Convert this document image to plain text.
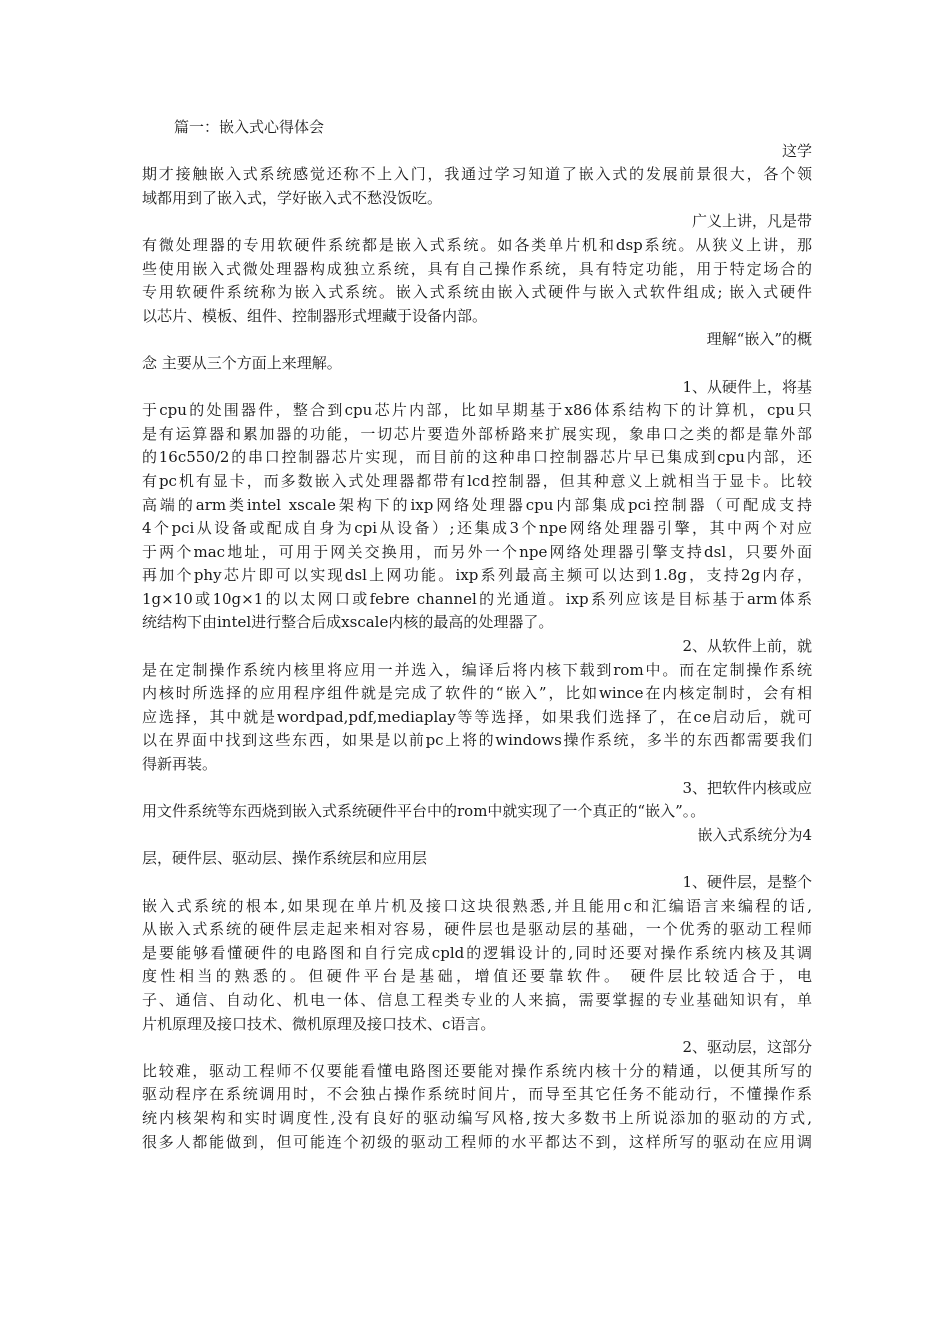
篇一：嵌入式心得体会
这学
期才接触嵌入式系统感觉还称不上入门，我通过学习知道了嵌入式的发展前景很大，各个领
域都用到了嵌入式，学好嵌入式不愁没饭吃。
广义上讲，凡是带
有微处理器的专用软硬件系统都是嵌入式系统。如各类单片机和dsp系统。从狭义上讲，那
些使用嵌入式微处理器构成独立系统，具有自己操作系统，具有特定功能，用于特定场合的
专用软硬件系统称为嵌入式系统。嵌入式系统由嵌入式硬件与嵌入式软件组成; 嵌入式硬件
以芯片、模板、组件、控制器形式埋藏于设备内部。
理解“嵌入”的概
念 主要从三个方面上来理解。
1、从硬件上，将基
于cpu的处围器件，整合到cpu芯片内部，比如早期基于x86体系结构下的计算机，cpu只
是有运算器和累加器的功能，一切芯片要造外部桥路来扩展实现，象串口之类的都是靠外部
的16c550/2的串口控制器芯片实现，而目前的这种串口控制器芯片早已集成到cpu内部，还
有pc机有显卡，而多数嵌入式处理器都带有lcd控制器，但其种意义上就相当于显卡。比较
高端的arm类intel xscale架构下的ixp网络处理器cpu内部集成pci控制器（可配成支持
4个pci从设备或配成自身为cpi从设备）;还集成3个npe网络处理器引擎，其中两个对应
于两个mac地址，可用于网关交换用，而另外一个npe网络处理器引擎支持dsl，只要外面
再加个phy芯片即可以实现dsl上网功能。ixp系列最高主频可以达到1.8g，支持2g内存，
1g×10或10g×1的以太网口或febre channel的光通道。ixp系列应该是目标基于arm体系
统结构下由intel进行整合后成xscale内核的最高的处理器了。
2、从软件上前，就
是在定制操作系统内核里将应用一并选入，编译后将内核下载到rom中。而在定制操作系统
内核时所选择的应用程序组件就是完成了软件的“嵌入”，比如wince在内核定制时，会有相
应选择，其中就是wordpad,pdf,mediaplay等等选择，如果我们选择了，在ce启动后，就可
以在界面中找到这些东西，如果是以前pc上将的windows操作系统，多半的东西都需要我们
得新再装。
3、把软件内核或应
用文件系统等东西烧到嵌入式系统硬件平台中的rom中就实现了一个真正的“嵌入”。。
嵌入式系统分为4
层，硬件层、驱动层、操作系统层和应用层
1、硬件层，是整个
嵌入式系统的根本,如果现在单片机及接口这块很熟悉,并且能用c和汇编语言来编程的话,
从嵌入式系统的硬件层走起来相对容易，硬件层也是驱动层的基础，一个优秀的驱动工程师
是要能够看懂硬件的电路图和自行完成cpld的逻辑设计的,同时还要对操作系统内核及其调
度性相当的熟悉的。但硬件平台是基础，增值还要靠软件。 硬件层比较适合于，电
子、通信、自动化、机电一体、信息工程类专业的人来搞，需要掌握的专业基础知识有，单
片机原理及接口技术、微机原理及接口技术、c语言。
2、驱动层，这部分
比较难，驱动工程师不仅要能看懂电路图还要能对操作系统内核十分的精通，以便其所写的
驱动程序在系统调用时，不会独占操作系统时间片，而导至其它任务不能动行，不懂操作系
统内核架构和实时调度性,没有良好的驱动编写风格,按大多数书上所说添加的驱动的方式,
很多人都能做到，但可能连个初级的驱动工程师的水平都达不到，这样所写的驱动在应用调
